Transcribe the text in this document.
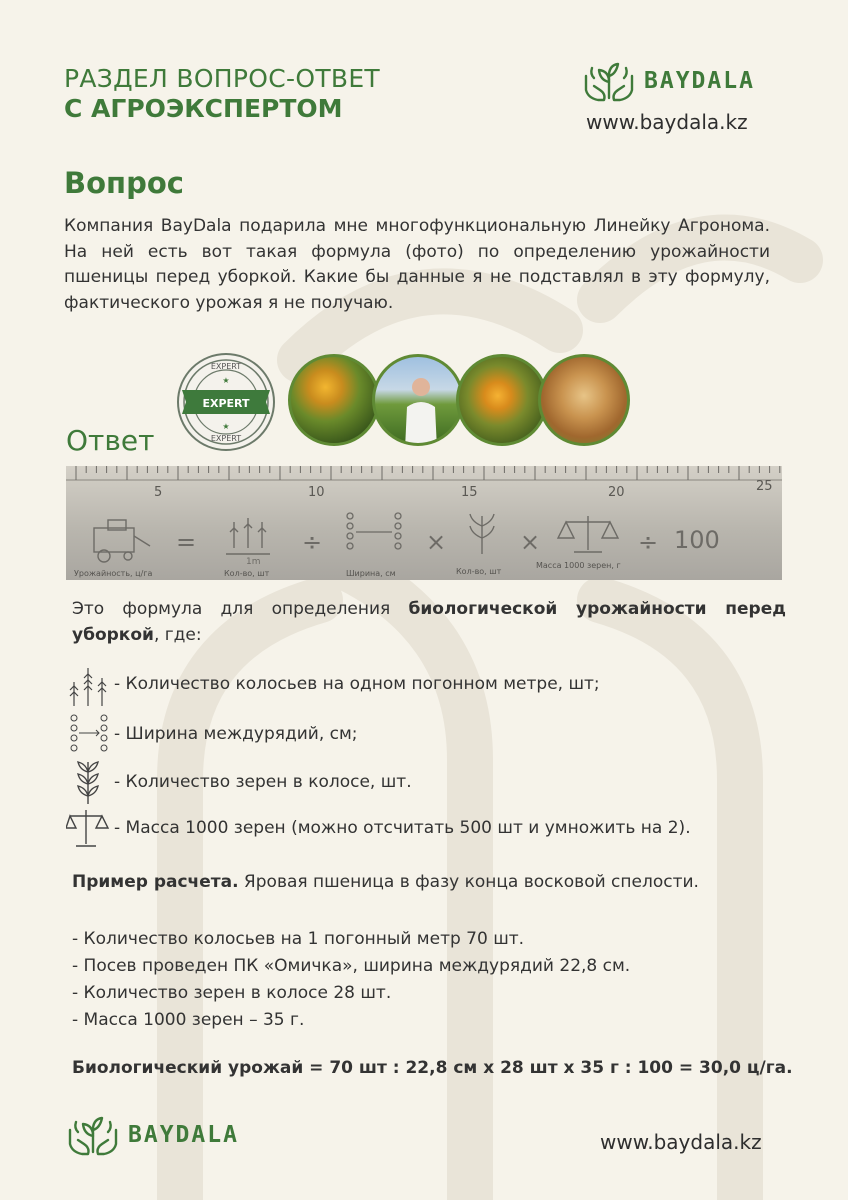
РАЗДЕЛ ВОПРОС-ОТВЕТ
С АГРОЭКСПЕРТОМ
BAYDALA
www.baydala.kz
Вопрос
Компания BayDala подарила мне многофункциональную Линейку Агронома. На ней есть вот такая формула (фото) по определению урожайности пшеницы перед уборкой. Какие бы данные я не подставлял в эту формулу, фактического урожая я не получаю.
EXPERT
EXPERT
★
★
EXPERT
Ответ
5	10	15	20	25
=	÷	×	×	÷ 100
1m
Урожайность, ц/га	Кол-во, шт	Ширина, см	Кол-во, шт
Масса 1000 зерен, г
Это формула для определения биологической урожайности перед уборкой, где:
- Количество колосьев на одном погонном метре, шт;
- Ширина междурядий, см;
- Количество зерен в колосе, шт.
- Масса 1000 зерен (можно отсчитать 500 шт и умножить на 2).
Пример расчета. Яровая пшеница в фазу конца восковой спелости.
- Количество колосьев на 1 погонный метр 70 шт.
- Посев проведен ПК «Омичка», ширина междурядий 22,8 см.
- Количество зерен в колосе 28 шт.
- Масса 1000 зерен – 35 г.
Биологический урожай = 70 шт : 22,8 см х 28 шт х 35 г : 100 = 30,0 ц/га.
BAYDALA	www.baydala.kz
